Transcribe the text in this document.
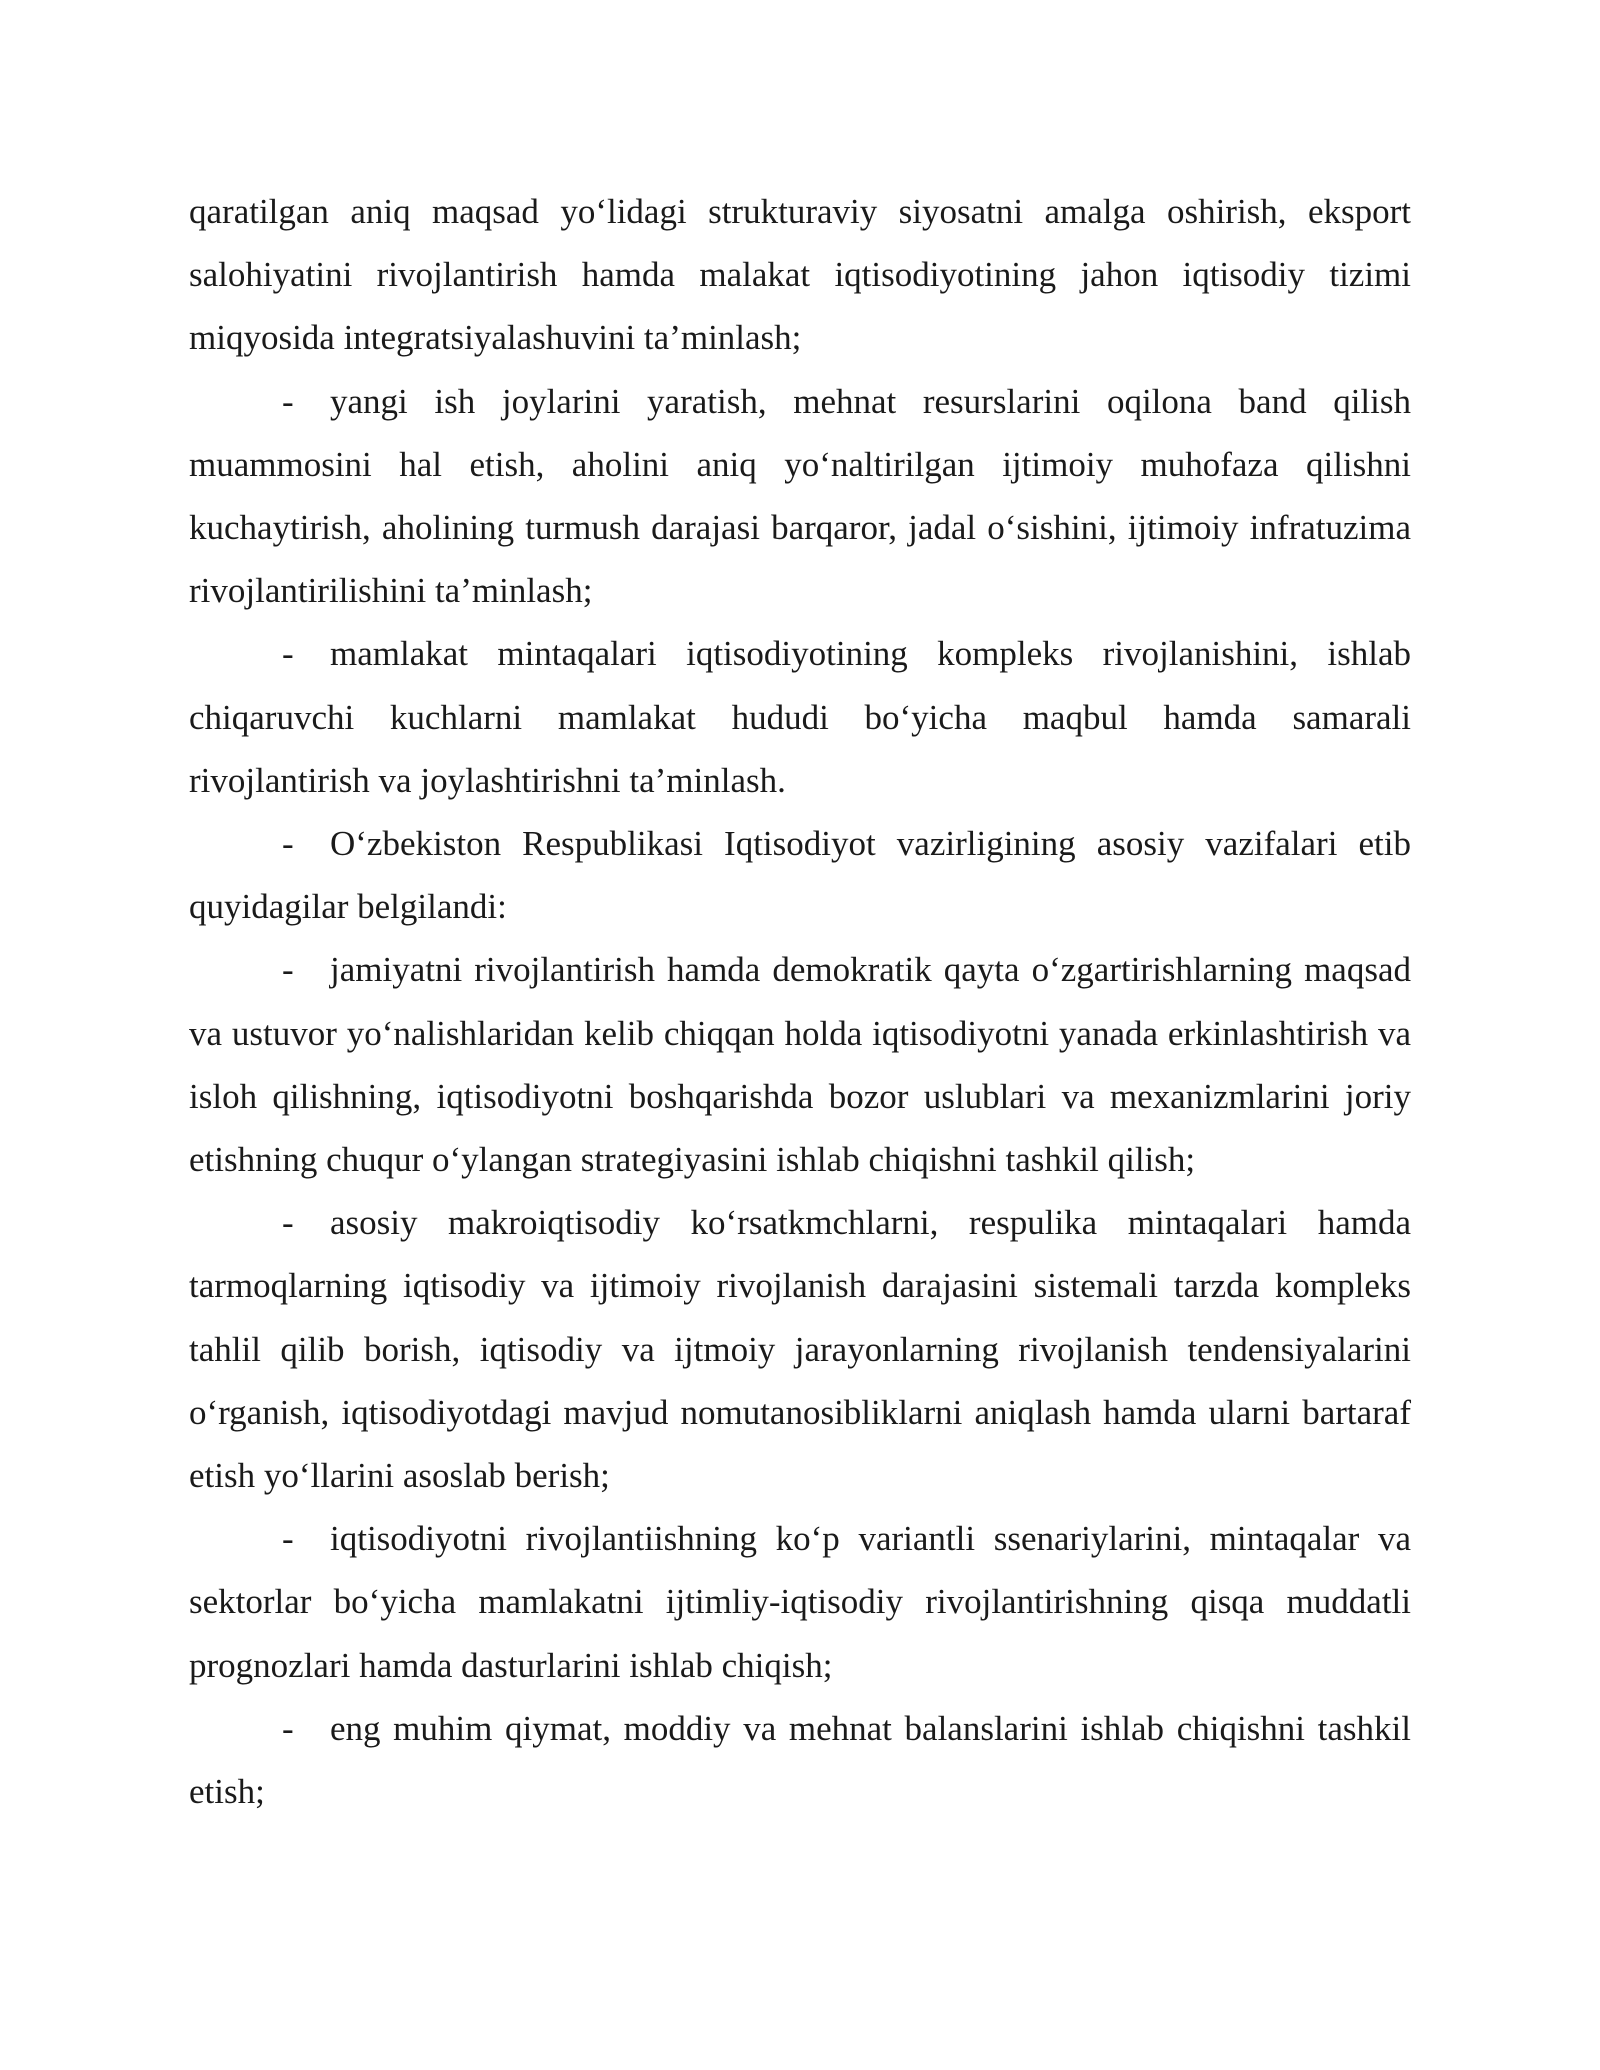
qaratilgan aniq maqsad yo‘lidagi strukturaviy siyosatni amalga oshirish, eksport salohiyatini rivojlantirish hamda malakat iqtisodiyotining jahon iqtisodiy tizimi miqyosida integratsiyalashuvini ta’minlash;

- yangi ish joylarini yaratish, mehnat resurslarini oqilona band qilish muammosini hal etish, aholini aniq yo‘naltirilgan ijtimoiy muhofaza qilishni kuchaytirish, aholining turmush darajasi barqaror, jadal o‘sishini, ijtimoiy infratuzima rivojlantirilishini ta’minlash;

- mamlakat mintaqalari iqtisodiyotining kompleks rivojlanishini, ishlab chiqaruvchi kuchlarni mamlakat hududi bo‘yicha maqbul hamda samarali rivojlantirish va joylashtirishni ta’minlash.

- O‘zbekiston Respublikasi Iqtisodiyot vazirligining asosiy vazifalari etib quyidagilar belgilandi:

- jamiyatni rivojlantirish hamda demokratik qayta o‘zgartirishlarning maqsad va ustuvor yo‘nalishlaridan kelib chiqqan holda iqtisodiyotni yanada erkinlashtirish va isloh qilishning, iqtisodiyotni boshqarishda bozor uslublari va mexanizmlarini joriy etishning chuqur o‘ylangan strategiyasini ishlab chiqishni tashkil qilish;

- asosiy makroiqtisodiy ko‘rsatkmchlarni, respulika mintaqalari hamda tarmoqlarning iqtisodiy va ijtimoiy rivojlanish darajasini sistemali tarzda kompleks tahlil qilib borish, iqtisodiy va ijtmoiy jarayonlarning rivojlanish tendensiyalarini o‘rganish, iqtisodiyotdagi mavjud nomutanosibliklarni aniqlash hamda ularni bartaraf etish yo‘llarini asoslab berish;

- iqtisodiyotni rivojlantiishning ko‘p variantli ssenariylarini, mintaqalar va sektorlar bo‘yicha mamlakatni ijtimliy-iqtisodiy rivojlantirishning qisqa muddatli prognozlari hamda dasturlarini ishlab chiqish;

- eng muhim qiymat, moddiy va mehnat balanslarini ishlab chiqishni tashkil etish;
